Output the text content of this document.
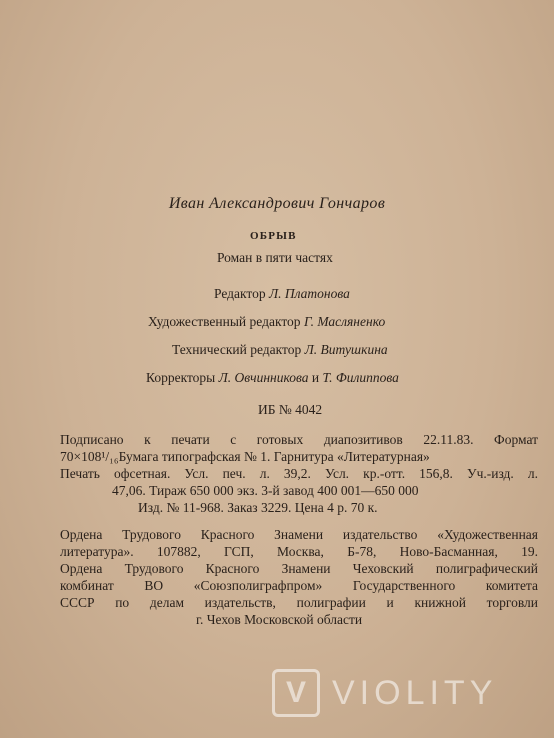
Иван Александрович Гончаров
ОБРЫВ
Роман в пяти частях
Редактор Л. Платонова
Художественный редактор Г. Масляненко
Технический редактор Л. Витушкина
Корректоры Л. Овчинникова и Т. Филиппова
ИБ № 4042
Подписано к печати с готовых диапозитивов 22.11.83. Формат
70×108¹/₁₆Бумага типографская № 1. Гарнитура «Литературная»
Печать офсетная. Усл. печ. л. 39,2. Усл. кр.-отт. 156,8. Уч.-изд. л.
47,06. Тираж 650 000 экз. 3-й завод 400 001—650 000
Изд. № 11-968. Заказ 3229. Цена 4 р. 70 к.
Ордена Трудового Красного Знамени издательство «Художественная
литература». 107882, ГСП, Москва, Б-78, Ново-Басманная, 19.
Ордена Трудового Красного Знамени Чеховский полиграфический
комбинат ВО «Союзполиграфпром» Государственного комитета
СССР по делам издательств, полиграфии и книжной торговли
г. Чехов Московской области
V VIOLITY
